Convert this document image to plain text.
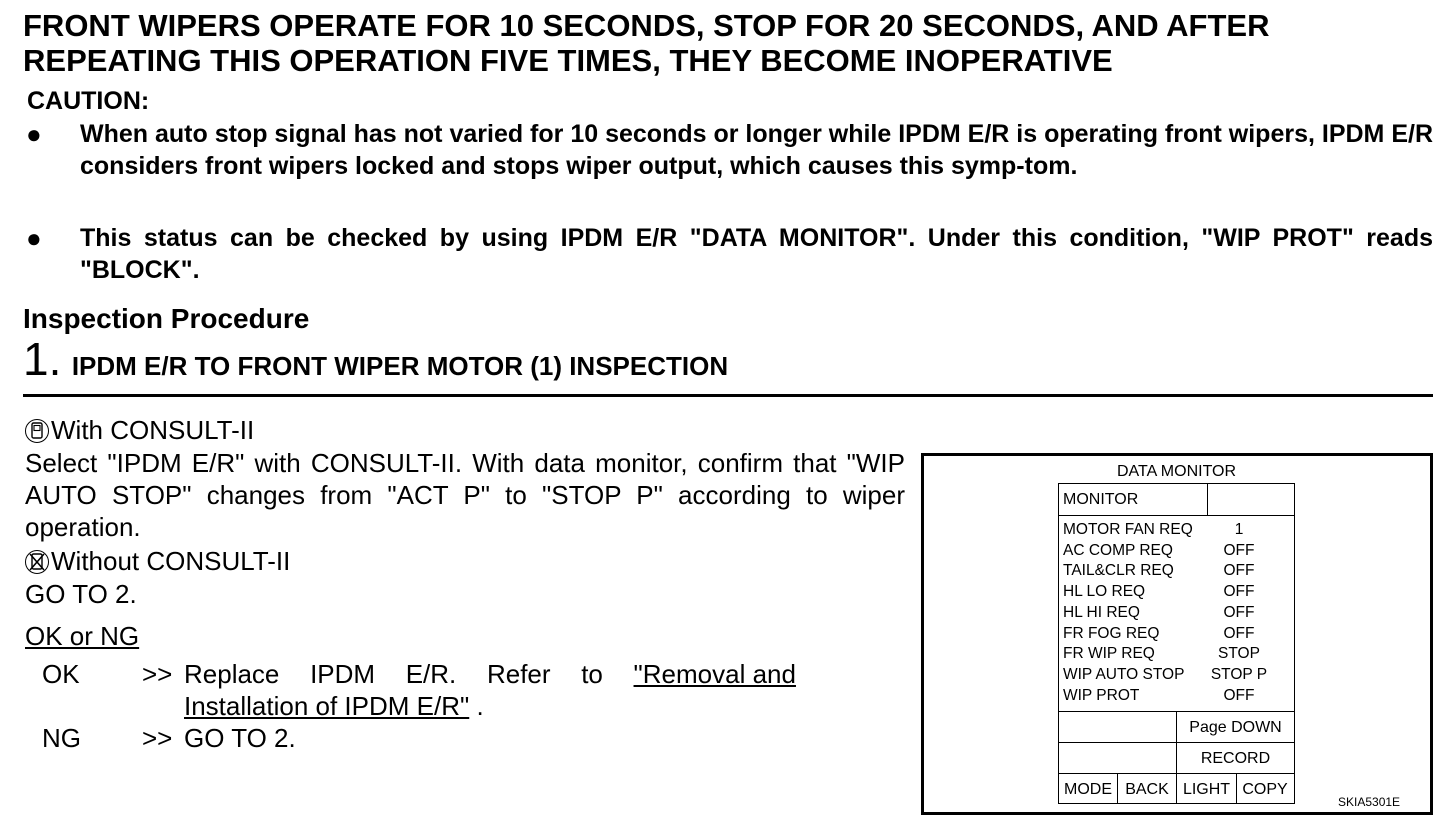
FRONT WIPERS OPERATE FOR 10 SECONDS, STOP FOR 20 SECONDS, AND AFTER REPEATING THIS OPERATION FIVE TIMES, THEY BECOME INOPERATIVE
CAUTION:
● When auto stop signal has not varied for 10 seconds or longer while IPDM E/R is operating front wipers, IPDM E/R considers front wipers locked and stops wiper output, which causes this symp-tom.
● This status can be checked by using IPDM E/R "DATA MONITOR". Under this condition, "WIP PROT" reads "BLOCK".
Inspection Procedure
1. IPDM E/R TO FRONT WIPER MOTOR (1) INSPECTION
With CONSULT-II
Select "IPDM E/R" with CONSULT-II. With data monitor, confirm that "WIP AUTO STOP" changes from "ACT P" to "STOP P" according to wiper operation.
Without CONSULT-II
GO TO 2.
OK or NG
OK >> Replace IPDM E/R. Refer to "Removal and
Installation of IPDM E/R" .
NG >> GO TO 2.
DATA MONITOR
MONITOR
MOTOR FAN REQ	1
AC COMP REQ	OFF
TAIL&CLR REQ	OFF
HL LO REQ	OFF
HL HI REQ	OFF
FR FOG REQ	OFF
FR WIP REQ	STOP
WIP AUTO STOP	STOP P
WIP PROT	OFF
Page DOWN
RECORD
MODE BACK LIGHT COPY
SKIA5301E
